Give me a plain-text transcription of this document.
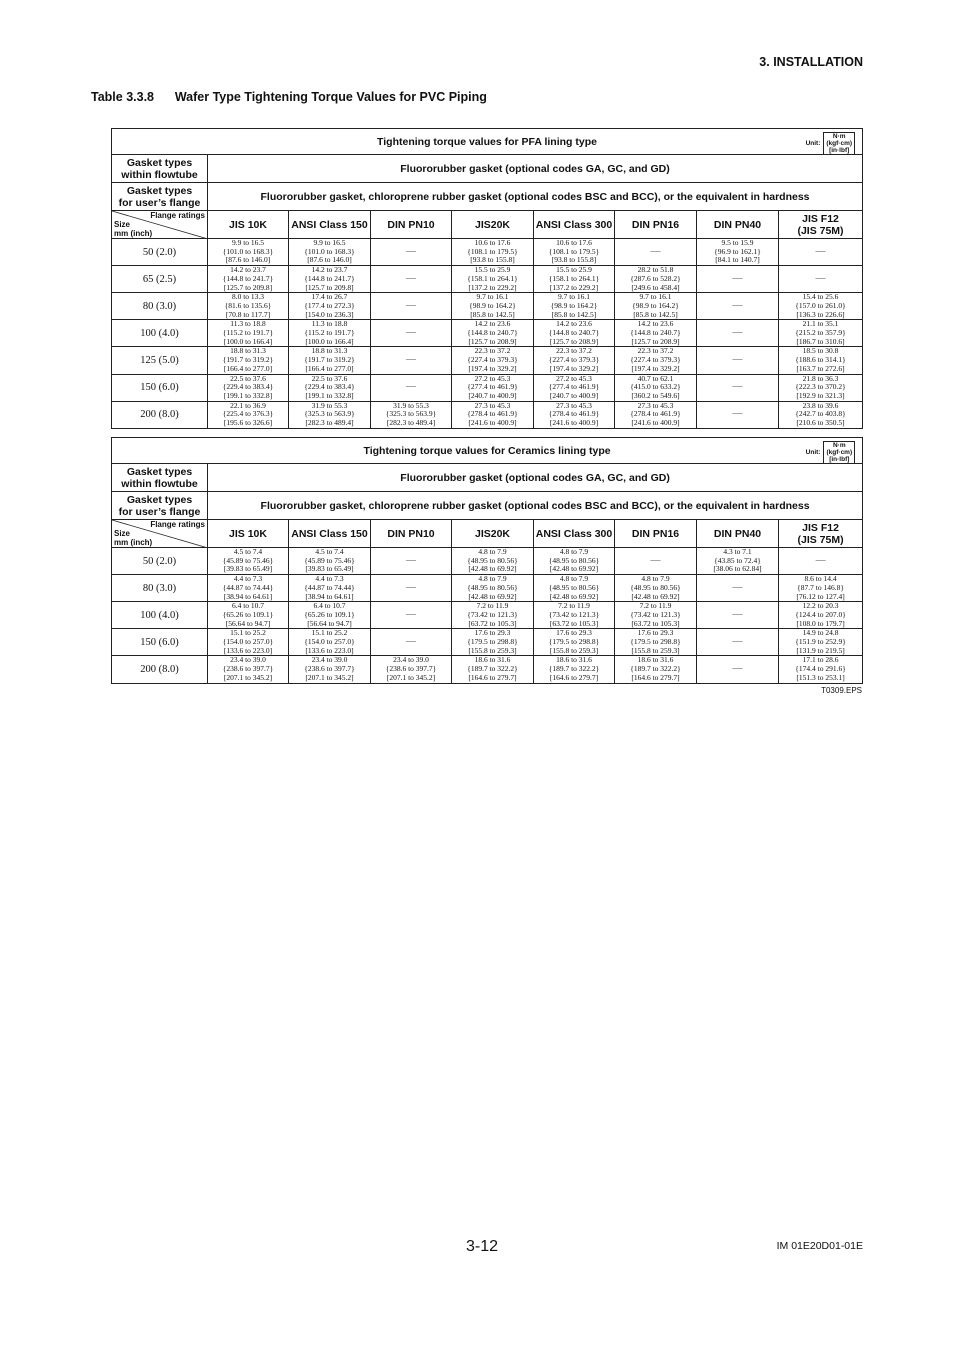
3. INSTALLATION
Table 3.3.8      Wafer Type Tightening Torque Values for PVC Piping
Tightening torque values for PFA lining type Unit:
N·m
(kgf·cm)
[in·lbf]								

Gasket types
within flowtube	Fluororubber gasket (optional codes GA, GC, and GD)							

Gasket types
for user’s flange	Fluororubber gasket, chloroprene rubber gasket (optional codes BSC and BCC), or the equivalent in hardness							

Flange ratings
Size
mm (inch)	JIS 10K	ANSI Class 150	DIN PN10	JIS20K	ANSI Class 300	DIN PN16	DIN PN40	JIS F12
(JIS 75M)

50 (2.0)	9.9 to 16.5
{101.0 to 168.3}
[87.6 to 146.0]	9.9 to 16.5
{101.0 to 168.3}
[87.6 to 146.0]	—	10.6 to 17.6
{108.1 to 179.5}
[93.8 to 155.8]	10.6 to 17.6
{108.1 to 179.5}
[93.8 to 155.8]	—	9.5 to 15.9
{96.9 to 162.1}
[84.1 to 140.7]	—

65 (2.5)	14.2 to 23.7
{144.8 to 241.7}
[125.7 to 209.8]	14.2 to 23.7
{144.8 to 241.7}
[125.7 to 209.8]	—	15.5 to 25.9
{158.1 to 264.1}
[137.2 to 229.2]	15.5 to 25.9
{158.1 to 264.1}
[137.2 to 229.2]	28.2 to 51.8
{287.6 to 528.2}
[249.6 to 458.4]	—	—

80 (3.0)	8.0 to 13.3
{81.6 to 135.6}
[70.8 to 117.7]	17.4 to 26.7
{177.4 to 272.3}
[154.0 to 236.3]	—	9.7 to 16.1
{98.9 to 164.2}
[85.8 to 142.5]	9.7 to 16.1
{98.9 to 164.2}
[85.8 to 142.5]	9.7 to 16.1
{98.9 to 164.2}
[85.8 to 142.5]	—	15.4 to 25.6
{157.0 to 261.0}
[136.3 to 226.6]

100 (4.0)	11.3 to 18.8
{115.2 to 191.7}
[100.0 to 166.4]	11.3 to 18.8
{115.2 to 191.7}
[100.0 to 166.4]	—	14.2 to 23.6
{144.8 to 240.7}
[125.7 to 208.9]	14.2 to 23.6
{144.8 to 240.7}
[125.7 to 208.9]	14.2 to 23.6
{144.8 to 240.7}
[125.7 to 208.9]	—	21.1 to 35.1
{215.2 to 357.9}
[186.7 to 310.6]

125 (5.0)	18.8 to 31.3
{191.7 to 319.2}
[166.4 to 277.0]	18.8 to 31.3
{191.7 to 319.2}
[166.4 to 277.0]	—	22.3 to 37.2
{227.4 to 379.3}
[197.4 to 329.2]	22.3 to 37.2
{227.4 to 379.3}
[197.4 to 329.2]	22.3 to 37.2
{227.4 to 379.3}
[197.4 to 329.2]	—	18.5 to 30.8
{188.6 to 314.1}
[163.7 to 272.6]

150 (6.0)	22.5 to 37.6
{229.4 to 383.4}
[199.1 to 332.8]	22.5 to 37.6
{229.4 to 383.4}
[199.1 to 332.8]	—	27.2 to 45.3
{277.4 to 461.9}
[240.7 to 400.9]	27.2 to 45.3
{277.4 to 461.9}
[240.7 to 400.9]	40.7 to 62.1
{415.0 to 633.2}
[360.2 to 549.6]	—	21.8 to 36.3
{222.3 to 370.2}
[192.9 to 321.3]

200 (8.0)	22.1 to 36.9
{225.4 to 376.3}
[195.6 to 326.6]	31.9 to 55.3
{325.3 to 563.9}
[282.3 to 489.4]	31.9 to 55.3
{325.3 to 563.9}
[282.3 to 489.4]	27.3 to 45.3
{278.4 to 461.9}
[241.6 to 400.9]	27.3 to 45.3
{278.4 to 461.9}
[241.6 to 400.9]	27.3 to 45.3
{278.4 to 461.9}
[241.6 to 400.9]	—	23.8 to 39.6
{242.7 to 403.8}
[210.6 to 350.5]
Tightening torque values for Ceramics lining type Unit:
N·m
(kgf·cm)
[in·lbf]								

Gasket types
within flowtube	Fluororubber gasket (optional codes GA, GC, and GD)							

Gasket types
for user’s flange	Fluororubber gasket, chloroprene rubber gasket (optional codes BSC and BCC), or the equivalent in hardness							

Flange ratings
Size
mm (inch)	JIS 10K	ANSI Class 150	DIN PN10	JIS20K	ANSI Class 300	DIN PN16	DIN PN40	JIS F12
(JIS 75M)

50 (2.0)	4.5 to 7.4
{45.89 to 75.46}
[39.83 to 65.49]	4.5 to 7.4
{45.89 to 75.46}
[39.83 to 65.49]	—	4.8 to 7.9
{48.95 to 80.56}
[42.48 to 69.92]	4.8 to 7.9
{48.95 to 80.56}
[42.48 to 69.92]	—	4.3 to 7.1
{43.85 to 72.4}
[38.06 to 62.84]	—

80 (3.0)	4.4 to 7.3
{44.87 to 74.44}
[38.94 to 64.61]	4.4 to 7.3
{44.87 to 74.44}
[38.94 to 64.61]	—	4.8 to 7.9
{48.95 to 80.56}
[42.48 to 69.92]	4.8 to 7.9
{48.95 to 80.56}
[42.48 to 69.92]	4.8 to 7.9
{48.95 to 80.56}
[42.48 to 69.92]	—	8.6 to 14.4
{87.7 to 146.8}
[76.12 to 127.4]

100 (4.0)	6.4 to 10.7
{65.26 to 109.1}
[56.64 to 94.7]	6.4 to 10.7
{65.26 to 109.1}
[56.64 to 94.7]	—	7.2 to 11.9
{73.42 to 121.3}
[63.72 to 105.3]	7.2 to 11.9
{73.42 to 121.3}
[63.72 to 105.3]	7.2 to 11.9
{73.42 to 121.3}
[63.72 to 105.3]	—	12.2 to 20.3
{124.4 to 207.0}
[108.0 to 179.7]

150 (6.0)	15.1 to 25.2
{154.0 to 257.0}
[133.6 to 223.0]	15.1 to 25.2
{154.0 to 257.0}
[133.6 to 223.0]	—	17.6 to 29.3
{179.5 to 298.8}
[155.8 to 259.3]	17.6 to 29.3
{179.5 to 298.8}
[155.8 to 259.3]	17.6 to 29.3
{179.5 to 298.8}
[155.8 to 259.3]	—	14.9 to 24.8
{151.9 to 252.9}
[131.9 to 219.5]

200 (8.0)	23.4 to 39.0
{238.6 to 397.7}
[207.1 to 345.2]	23.4 to 39.0
{238.6 to 397.7}
[207.1 to 345.2]	23.4 to 39.0
{238.6 to 397.7}
[207.1 to 345.2]	18.6 to 31.6
{189.7 to 322.2}
[164.6 to 279.7]	18.6 to 31.6
{189.7 to 322.2}
[164.6 to 279.7]	18.6 to 31.6
{189.7 to 322.2}
[164.6 to 279.7]	—	17.1 to 28.6
{174.4 to 291.6}
[151.3 to 253.1]
T0309.EPS
3-12	IM 01E20D01-01E
